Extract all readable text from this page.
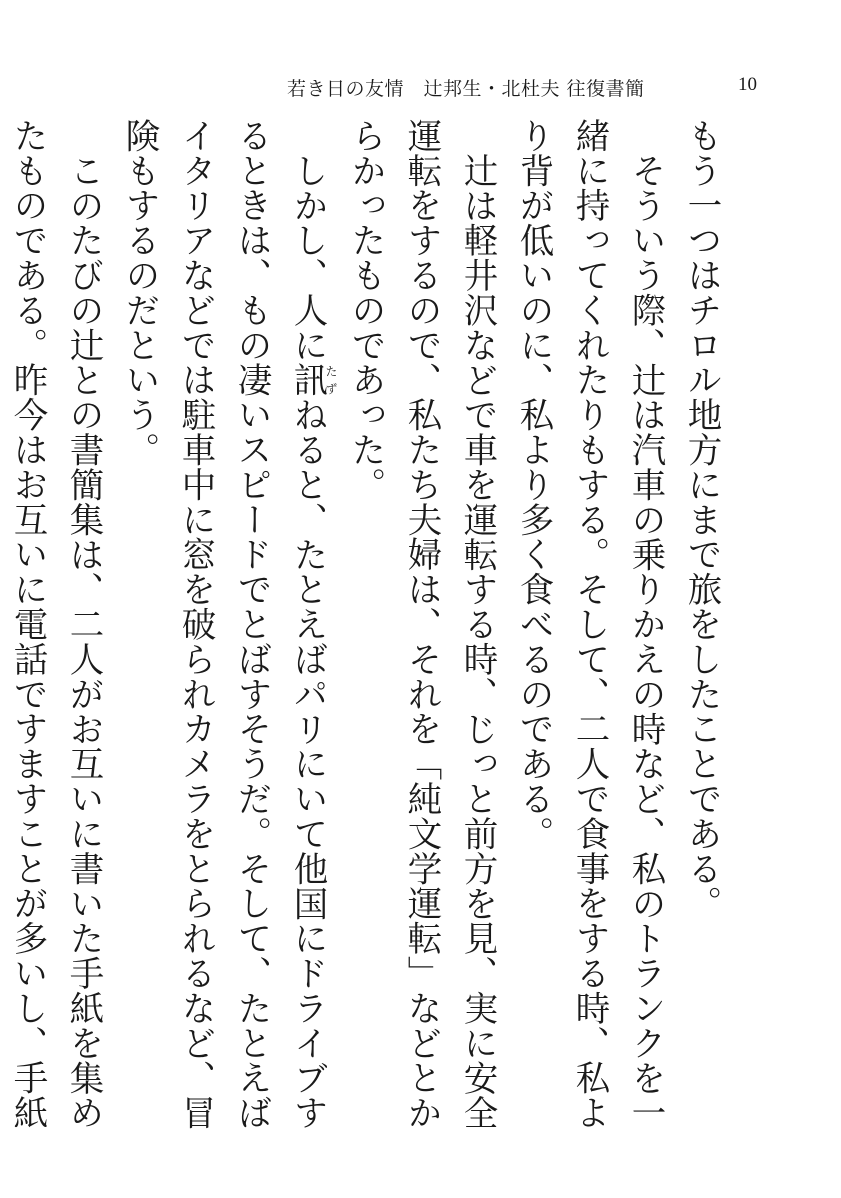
若き日の友情　辻邦生・北杜夫 往復書簡	10

もう一つはチロル地方にまで旅をしたことである。

そういう際、辻は汽車の乗りかえの時など、私のトランクを一緒に持ってくれたりもする。そして、二人で食事をする時、私より背が低いのに、私より多く食べるのである。

辻は軽井沢などで車を運転する時、じっと前方を見、実に安全運転をするので、私たち夫婦は、それを「純文学運転」などとからかったものであった。

しかし、人に訊たずねると、たとえばパリにいて他国にドライブするときは、もの凄いスピードでとばすそうだ。そして、たとえばイタリアなどでは駐車中に窓を破られカメラをとられるなど、冒険もするのだという。

このたびの辻との書簡集は、二人がお互いに書いた手紙を集めたものである。昨今はお互いに電話ですますことが多いし、手紙
